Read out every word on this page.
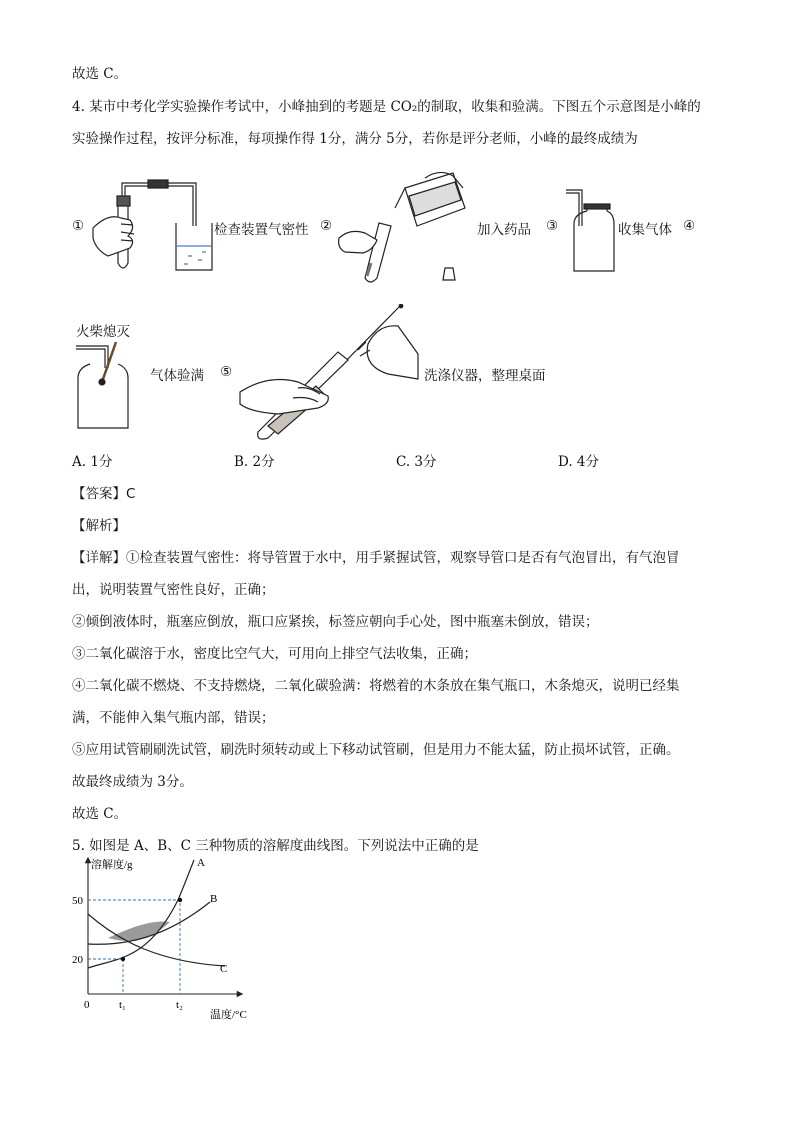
故选 C。
4. 某市中考化学实验操作考试中，小峰抽到的考题是 CO₂的制取，收集和验满。下图五个示意图是小峰的
实验操作过程，按评分标准，每项操作得 1分，满分 5分，若你是评分老师，小峰的最终成绩为
①	检查装置气密性 ②	加入药品 ③	收集气体 ④
火柴熄灭
气体验满 ⑤	洗涤仪器，整理桌面
A. 1分	B. 2分	C. 3分	D. 4分
【答案】C
【解析】
【详解】①检查装置气密性：将导管置于水中，用手紧握试管，观察导管口是否有气泡冒出，有气泡冒
出，说明装置气密性良好，正确；
②倾倒液体时，瓶塞应倒放，瓶口应紧挨，标签应朝向手心处，图中瓶塞未倒放，错误；
③二氧化碳溶于水，密度比空气大，可用向上排空气法收集，正确；
④二氧化碳不燃烧、不支持燃烧，二氧化碳验满：将燃着的木条放在集气瓶口，木条熄灭，说明已经集
满，不能伸入集气瓶内部，错误；
⑤应用试管刷刷洗试管，刷洗时须转动或上下移动试管刷，但是用力不能太猛，防止损坏试管，正确。
故最终成绩为 3分。
故选 C。
5. 如图是 A、B、C 三种物质的溶解度曲线图。下列说法中正确的是
溶解度/g
温度/°C
50
20
0	t₁	t₂
A
B
C
